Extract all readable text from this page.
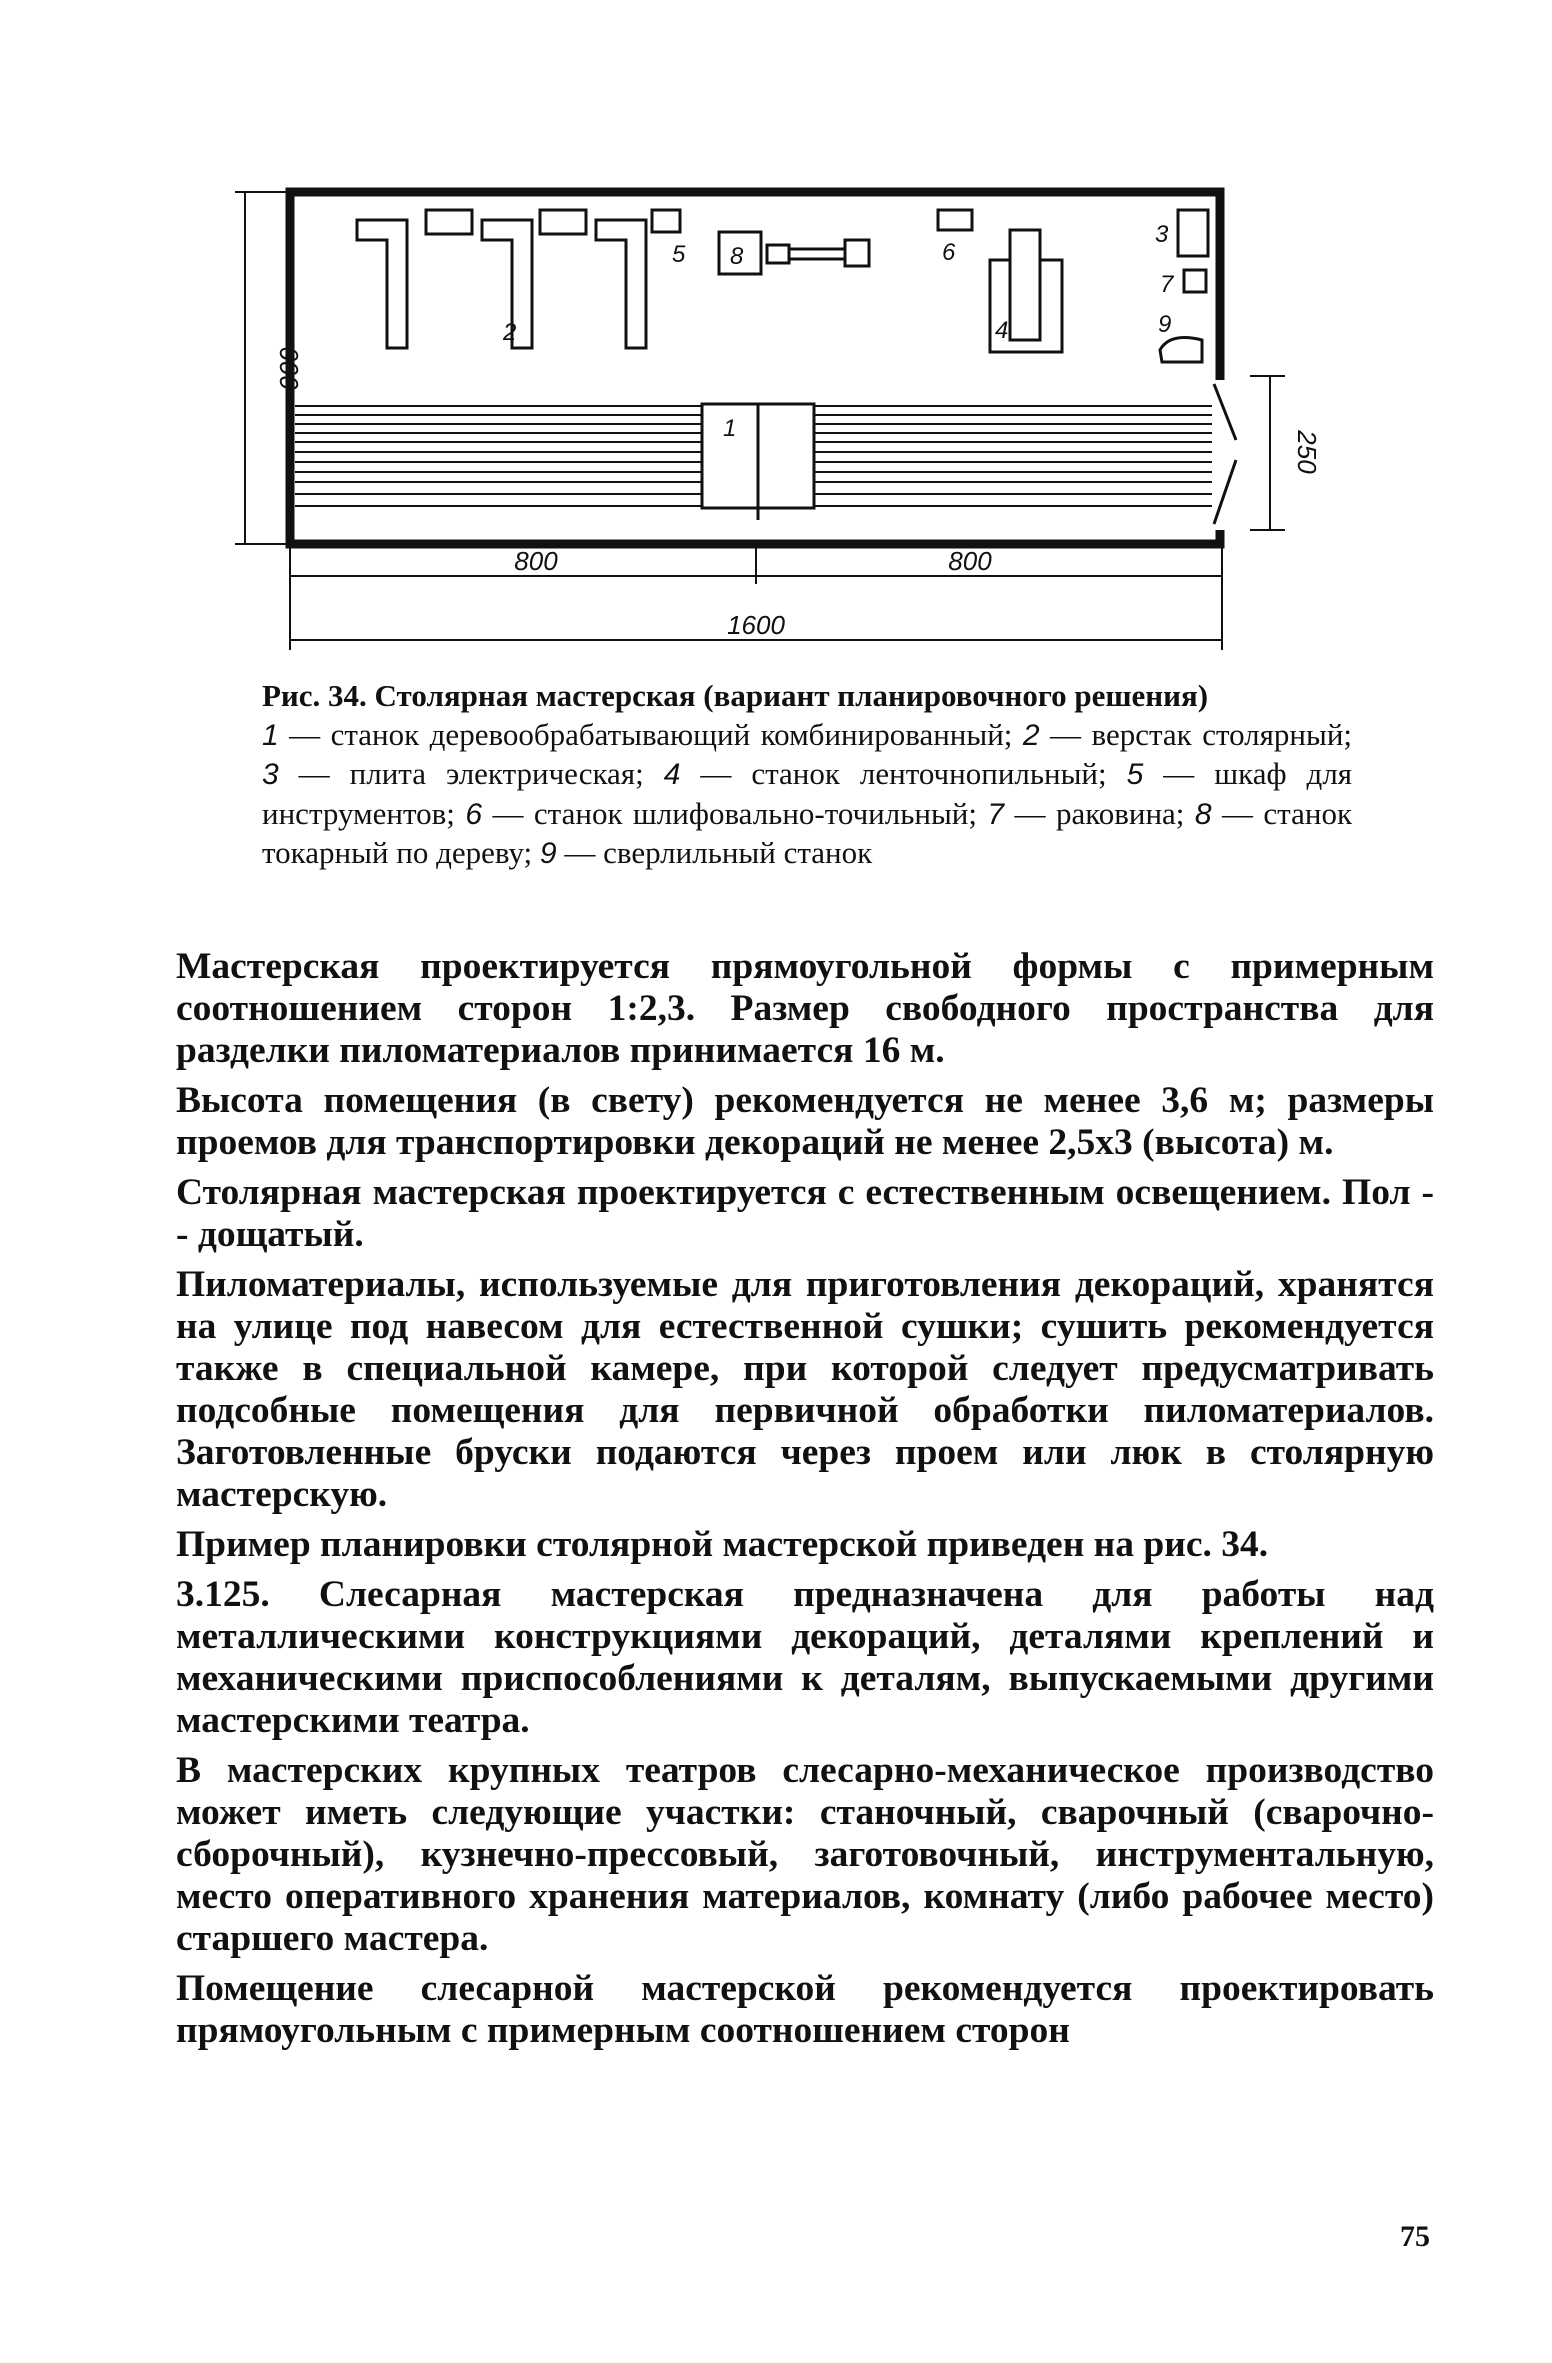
1
2
5 8	6
4
3
7
9
600
250
800	800
1600
Рис. 34. Столярная мастерская (вариант планировочного решения)
1 — станок деревообрабатывающий комбинированный; 2 — верстак столярный; 3 — плита электрическая; 4 — станок ленточнопильный; 5 — шкаф для инструментов; 6 — станок шлифовально-точильный; 7 — раковина; 8 — станок токарный по дереву; 9 — сверлильный станок

Мастерская проектируется прямоугольной формы с примерным соотношением сторон 1:2,3. Размер свободного пространства для разделки пиломатериалов принимается 16 м.

Высота помещения (в свету) рекомендуется не менее 3,6 м; размеры проемов для транспортировки декораций не менее 2,5х3 (высота) м.

Столярная мастерская проектируется с естественным освещением. Пол -- дощатый.

Пиломатериалы, используемые для приготовления декораций, хранятся на улице под навесом для естественной сушки; сушить рекомендуется также в специальной камере, при которой следует предусматривать подсобные помещения для первичной обработки пиломатериалов. Заготовленные бруски подаются через проем или люк в столярную мастерскую.

Пример планировки столярной мастерской приведен на рис. 34.

3.125. Слесарная мастерская предназначена для работы над металлическими конструкциями декораций, деталями креплений и механическими приспособлениями к деталям, выпускаемыми другими мастерскими театра.

В мастерских крупных театров слесарно-механическое производство может иметь следующие участки: станочный, сварочный (сварочно-сборочный), кузнечно-прессовый, заготовочный, инструментальную, место оперативного хранения материалов, комнату (либо рабочее место) старшего мастера.

Помещение слесарной мастерской рекомендуется проектировать прямоугольным с примерным соотношением сторон

75
